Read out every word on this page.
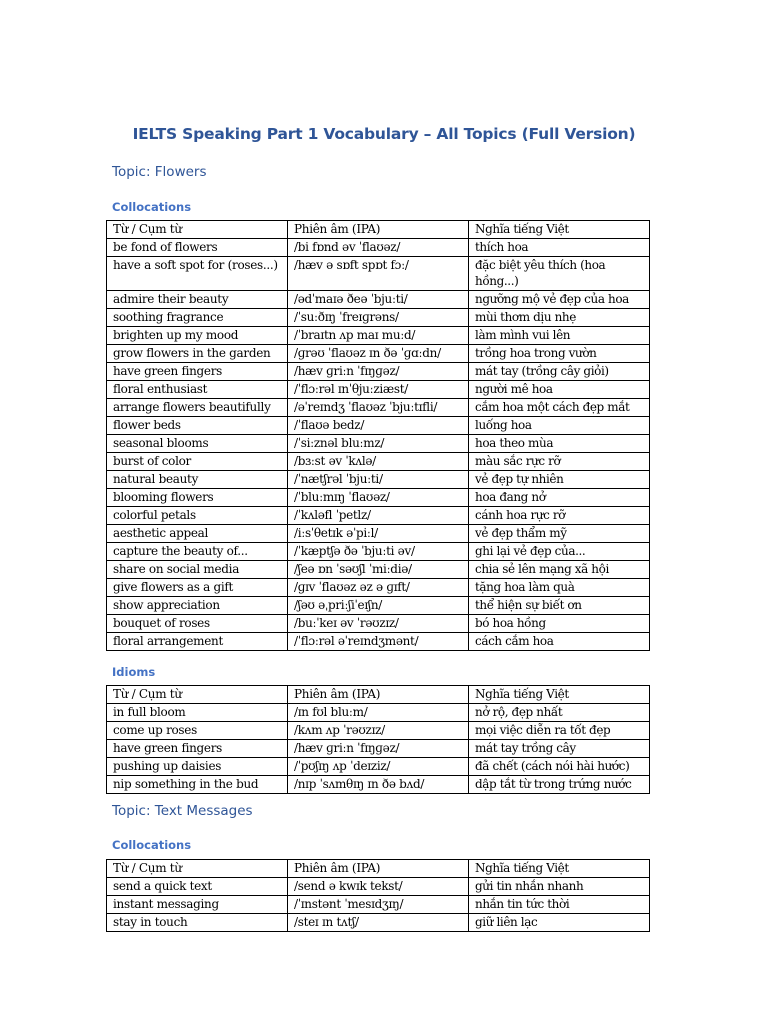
IELTS Speaking Part 1 Vocabulary – All Topics (Full Version)
Topic: Flowers
Collocations
Từ / Cụm từ	Phiên âm (IPA)	Nghĩa tiếng Việt
be fond of flowers	/bi fɒnd əv ˈflaʊəz/	thích hoa
have a soft spot for (roses...)	/hæv ə sɒft spɒt fɔː/	đặc biệt yêu thích (hoa hồng...)
admire their beauty	/ədˈmaɪə ðeə ˈbjuːti/	ngưỡng mộ vẻ đẹp của hoa
soothing fragrance	/ˈsuːðɪŋ ˈfreɪɡrəns/	mùi thơm dịu nhẹ
brighten up my mood	/ˈbraɪtn ʌp maɪ muːd/	làm mình vui lên
grow flowers in the garden	/ɡrəʊ ˈflaʊəz ɪn ðə ˈɡɑːdn/	trồng hoa trong vườn
have green fingers	/hæv ɡriːn ˈfɪŋɡəz/	mát tay (trồng cây giỏi)
floral enthusiast	/ˈflɔːrəl ɪnˈθjuːziæst/	người mê hoa
arrange flowers beautifully	/əˈreɪndʒ ˈflaʊəz ˈbjuːtɪfli/	cắm hoa một cách đẹp mắt
flower beds	/ˈflaʊə bedz/	luống hoa
seasonal blooms	/ˈsiːznəl bluːmz/	hoa theo mùa
burst of color	/bɜːst əv ˈkʌlə/	màu sắc rực rỡ
natural beauty	/ˈnætʃrəl ˈbjuːti/	vẻ đẹp tự nhiên
blooming flowers	/ˈbluːmɪŋ ˈflaʊəz/	hoa đang nở
colorful petals	/ˈkʌləfl ˈpetlz/	cánh hoa rực rỡ
aesthetic appeal	/iːsˈθetɪk əˈpiːl/	vẻ đẹp thẩm mỹ
capture the beauty of...	/ˈkæptʃə ðə ˈbjuːti əv/	ghi lại vẻ đẹp của...
share on social media	/ʃeə ɒn ˈsəʊʃl ˈmiːdiə/	chia sẻ lên mạng xã hội
give flowers as a gift	/ɡɪv ˈflaʊəz əz ə ɡɪft/	tặng hoa làm quà
show appreciation	/ʃəʊ əˌpriːʃiˈeɪʃn/	thể hiện sự biết ơn
bouquet of roses	/buːˈkeɪ əv ˈrəʊzɪz/	bó hoa hồng
floral arrangement	/ˈflɔːrəl əˈreɪndʒmənt/	cách cắm hoa
Idioms
Từ / Cụm từ	Phiên âm (IPA)	Nghĩa tiếng Việt
in full bloom	/ɪn fʊl bluːm/	nở rộ, đẹp nhất
come up roses	/kʌm ʌp ˈrəʊzɪz/	mọi việc diễn ra tốt đẹp
have green fingers	/hæv ɡriːn ˈfɪŋɡəz/	mát tay trồng cây
pushing up daisies	/ˈpʊʃɪŋ ʌp ˈdeɪziz/	đã chết (cách nói hài hước)
nip something in the bud	/nɪp ˈsʌmθɪŋ ɪn ðə bʌd/	dập tắt từ trong trứng nước
Topic: Text Messages
Collocations
Từ / Cụm từ	Phiên âm (IPA)	Nghĩa tiếng Việt
send a quick text	/send ə kwɪk tekst/	gửi tin nhắn nhanh
instant messaging	/ˈɪnstənt ˈmesɪdʒɪŋ/	nhắn tin tức thời
stay in touch	/steɪ ɪn tʌtʃ/	giữ liên lạc
